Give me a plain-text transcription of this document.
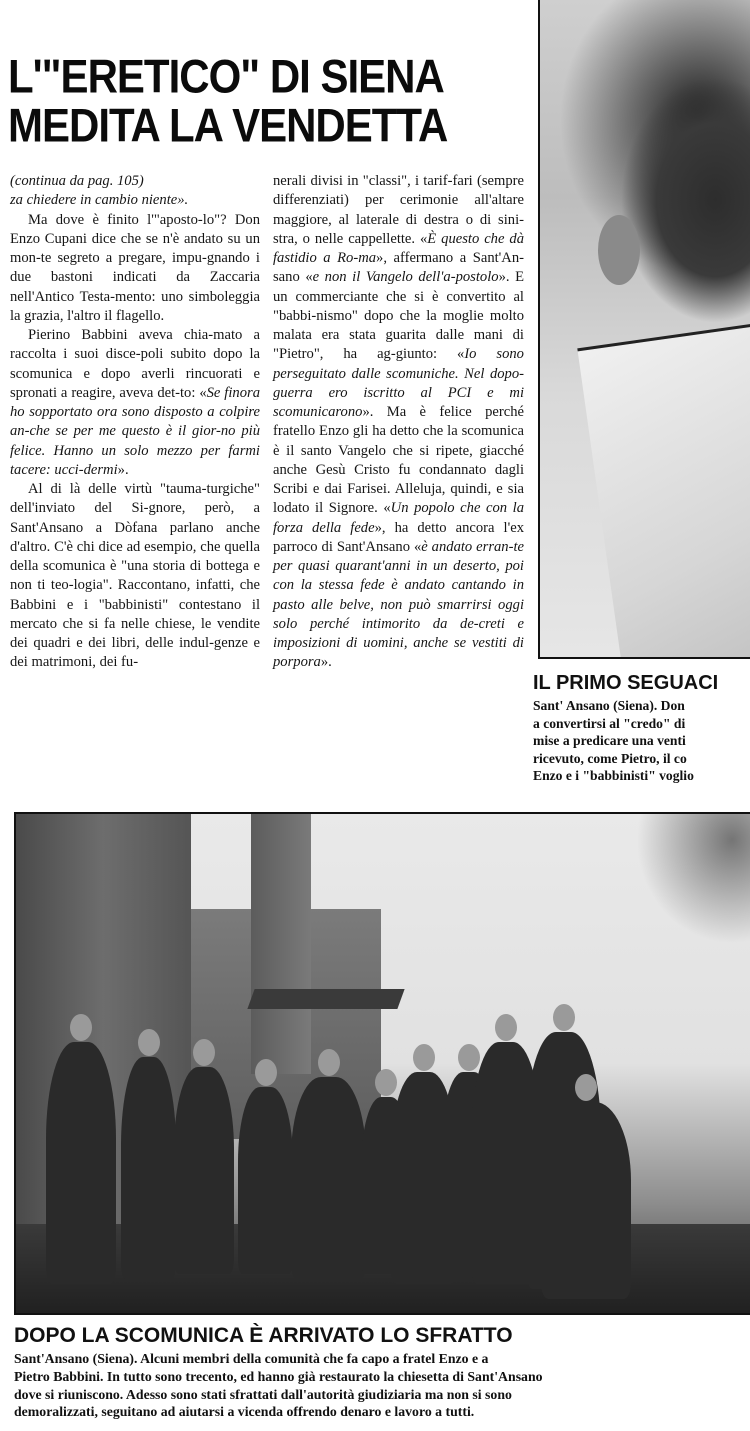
L'"ERETICO" DI SIENA
MEDITA LA VENDETTA

(continua da pag. 105)

za chiedere in cambio niente».

Ma dove è finito l'"aposto-lo"? Don Enzo Cupani dice che se n'è andato su un mon-te segreto a pregare, impu-gnando i due bastoni indicati da Zaccaria nell'Antico Testa-mento: uno simboleggia la grazia, l'altro il flagello.

Pierino Babbini aveva chia-mato a raccolta i suoi disce-poli subito dopo la scomunica e dopo averli rincuorati e spronati a reagire, aveva det-to: «Se finora ho sopportato ora sono disposto a colpire an-che se per me questo è il gior-no più felice. Hanno un solo mezzo per farmi tacere: ucci-dermi».

Al di là delle virtù "tauma-turgiche" dell'inviato del Si-gnore, però, a Sant'Ansano a Dòfana parlano anche d'altro. C'è chi dice ad esempio, che quella della scomunica è "una storia di bottega e non ti teo-logia". Raccontano, infatti, che Babbini e i "babbinisti" contestano il mercato che si fa nelle chiese, le vendite dei quadri e dei libri, delle indul-genze e dei matrimoni, dei fu-

nerali divisi in "classi", i tarif-fari (sempre differenziati) per cerimonie all'altare maggiore, al laterale di destra o di sini-stra, o nelle cappellette. «È questo che dà fastidio a Ro-ma», affermano a Sant'An-sano «e non il Vangelo dell'a-postolo». E un commerciante che si è convertito al "babbi-nismo" dopo che la moglie molto malata era stata guarita dalle mani di "Pietro", ha ag-giunto: «Io sono perseguitato dalle scomuniche. Nel dopo-guerra ero iscritto al PCI e mi scomunicarono». Ma è felice perché fratello Enzo gli ha detto che la scomunica è il santo Vangelo che si ripete, giacché anche Gesù Cristo fu condannato dagli Scribi e dai Farisei. Alleluja, quindi, e sia lodato il Signore. «Un popolo che con la forza della fede», ha detto ancora l'ex parroco di Sant'Ansano «è andato erran-te per quasi quarant'anni in un deserto, poi con la stessa fede è andato cantando in pasto alle belve, non può smarrirsi oggi solo perché intimorito da de-creti e imposizioni di uomini, anche se vestiti di porpora».

IL PRIMO SEGUACI
Sant' Ansano (Siena). Don
a convertirsi al "credo" di
mise a predicare una venti
ricevuto, come Pietro, il co
Enzo e i "babbinisti" voglio
DOPO LA SCOMUNICA È ARRIVATO LO SFRATTO
Sant'Ansano (Siena). Alcuni membri della comunità che fa capo a fratel Enzo e a
Pietro Babbini. In tutto sono trecento, ed hanno già restaurato la chiesetta di Sant'Ansano
dove si riuniscono. Adesso sono stati sfrattati dall'autorità giudiziaria ma non si sono
demoralizzati, seguitano ad aiutarsi a vicenda offrendo denaro e lavoro a tutti.
